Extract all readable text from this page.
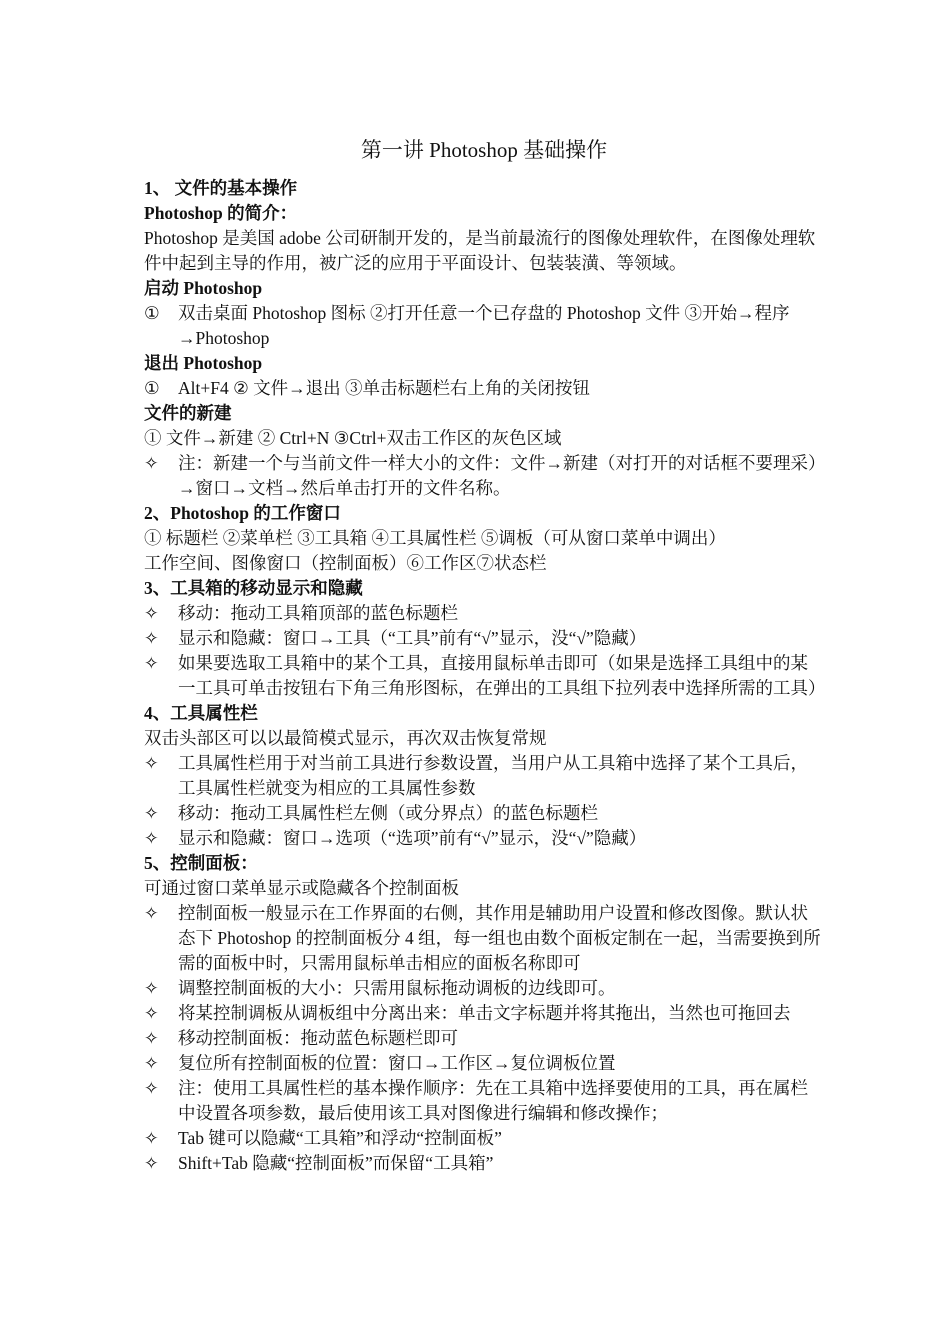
第一讲 Photoshop 基础操作
1、 文件的基本操作
Photoshop 的简介：
Photoshop 是美国 adobe 公司研制开发的，是当前最流行的图像处理软件，在图像处理软件中起到主导的作用，被广泛的应用于平面设计、包装装潢、等领域。
启动 Photoshop
①	双击桌面 Photoshop 图标 ②打开任意一个已存盘的 Photoshop 文件 ③开始→程序→Photoshop
退出 Photoshop
①	Alt+F4 ② 文件→退出 ③单击标题栏右上角的关闭按钮
文件的新建
① 文件→新建 ② Ctrl+N ③Ctrl+双击工作区的灰色区域
✧	注：新建一个与当前文件一样大小的文件：文件→新建（对打开的对话框不要理采）→窗口→文档→然后单击打开的文件名称。
2、Photoshop 的工作窗口
① 标题栏 ②菜单栏 ③工具箱 ④工具属性栏 ⑤调板（可从窗口菜单中调出）
工作空间、图像窗口（控制面板）⑥工作区⑦状态栏
3、工具箱的移动显示和隐藏
✧	移动：拖动工具箱顶部的蓝色标题栏
✧	显示和隐藏：窗口→工具（“工具”前有“√”显示，没“√”隐藏）
✧	如果要选取工具箱中的某个工具，直接用鼠标单击即可（如果是选择工具组中的某一工具可单击按钮右下角三角形图标，在弹出的工具组下拉列表中选择所需的工具）
4、工具属性栏
双击头部区可以以最简模式显示，再次双击恢复常规
✧	工具属性栏用于对当前工具进行参数设置，当用户从工具箱中选择了某个工具后，工具属性栏就变为相应的工具属性参数
✧	移动：拖动工具属性栏左侧（或分界点）的蓝色标题栏
✧	显示和隐藏：窗口→选项（“选项”前有“√”显示，没“√”隐藏）
5、控制面板：
可通过窗口菜单显示或隐藏各个控制面板
✧	控制面板一般显示在工作界面的右侧，其作用是辅助用户设置和修改图像。默认状态下 Photoshop 的控制面板分 4 组，每一组也由数个面板定制在一起，当需要换到所需的面板中时，只需用鼠标单击相应的面板名称即可
✧	调整控制面板的大小：只需用鼠标拖动调板的边线即可。
✧	将某控制调板从调板组中分离出来：单击文字标题并将其拖出，当然也可拖回去
✧	移动控制面板：拖动蓝色标题栏即可
✧	复位所有控制面板的位置：窗口→工作区→复位调板位置
✧	注：使用工具属性栏的基本操作顺序：先在工具箱中选择要使用的工具，再在属栏中设置各项参数，最后使用该工具对图像进行编辑和修改操作；
✧	Tab 键可以隐藏“工具箱”和浮动“控制面板”
✧	Shift+Tab 隐藏“控制面板”而保留“工具箱”
